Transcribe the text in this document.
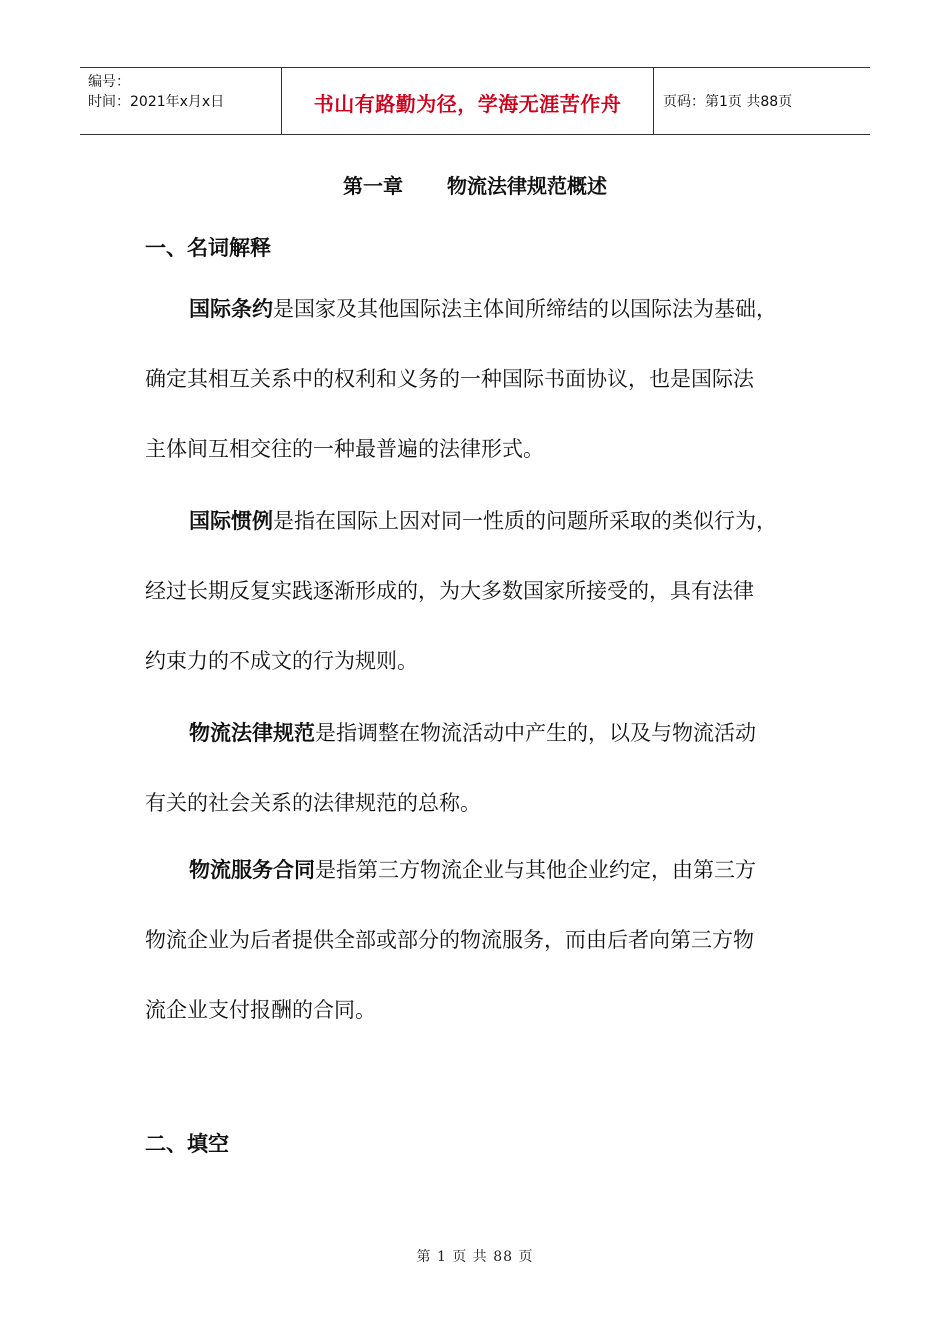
编号：
时间：2021年x月x日	书山有路勤为径，学海无涯苦作舟	页码：第1页 共88页
第一章 物流法律规范概述
一、名词解释
国际条约是国家及其他国际法主体间所缔结的以国际法为基础，
确定其相互关系中的权利和义务的一种国际书面协议，也是国际法
主体间互相交往的一种最普遍的法律形式。
国际惯例是指在国际上因对同一性质的问题所采取的类似行为，
经过长期反复实践逐渐形成的，为大多数国家所接受的，具有法律
约束力的不成文的行为规则。
物流法律规范是指调整在物流活动中产生的，以及与物流活动
有关的社会关系的法律规范的总称。
物流服务合同是指第三方物流企业与其他企业约定，由第三方
物流企业为后者提供全部或部分的物流服务，而由后者向第三方物
流企业支付报酬的合同。
二、填空
第 1 页 共 88 页
